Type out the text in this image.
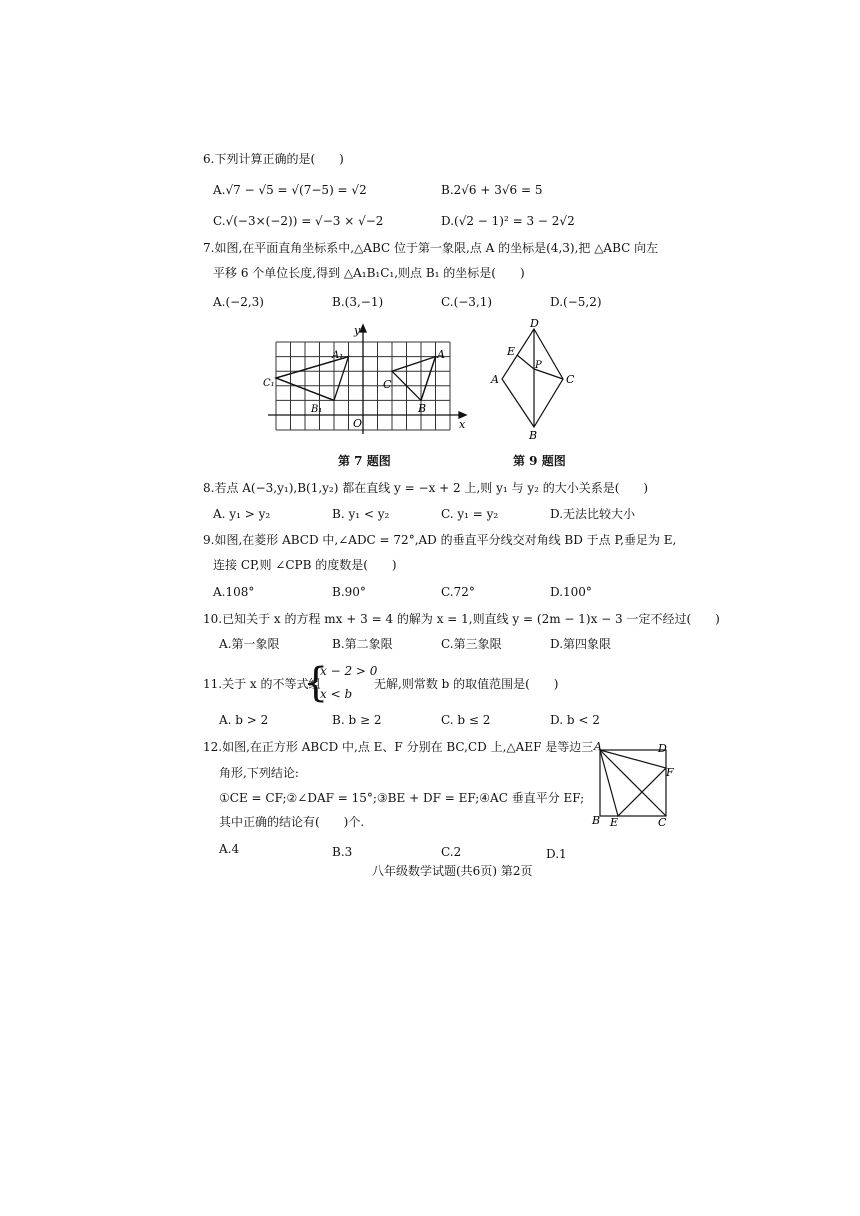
6.下列计算正确的是(　　)
A.√7 − √5 = √(7−5) = √2	B.2√6 + 3√6 = 5
C.√(−3×(−2)) = √−3 × √−2	D.(√2 − 1)² = 3 − 2√2
7.如图,在平面直角坐标系中,△ABC 位于第一象限,点 A 的坐标是(4,3),把 △ABC 向左
平移 6 个单位长度,得到 △A₁B₁C₁,则点 B₁ 的坐标是(　　)
A.(−2,3)	B.(3,−1)	C.(−3,1)	D.(−5,2)
y
x
O
A
B
C
A₁
B₁
C₁
第 7 题图
D
E
P
A	C
B
第 9 题图
8.若点 A(−3,y₁),B(1,y₂) 都在直线 y = −x + 2 上,则 y₁ 与 y₂ 的大小关系是(　　)
A. y₁ > y₂	B. y₁ < y₂	C. y₁ = y₂	D.无法比较大小
9.如图,在菱形 ABCD 中,∠ADC = 72°,AD 的垂直平分线交对角线 BD 于点 P,垂足为 E,
连接 CP,则 ∠CPB 的度数是(　　)
A.108°	B.90°	C.72°	D.100°
10.已知关于 x 的方程 mx + 3 = 4 的解为 x = 1,则直线 y = (2m − 1)x − 3 一定不经过(　　)
A.第一象限	B.第二象限	C.第三象限	D.第四象限
11.关于 x 的不等式组
{
x − 2 > 0
x < b
无解,则常数 b 的取值范围是(　　)
A. b > 2	B. b ≥ 2	C. b ≤ 2	D. b < 2
12.如图,在正方形 ABCD 中,点 E、F 分别在 BC,CD 上,△AEF 是等边三
角形,下列结论:
①CE = CF;②∠DAF = 15°;③BE + DF = EF;④AC 垂直平分 EF;
其中正确的结论有(　　)个.
A.4	B.3	C.2	D.1
A	D
F
B E	C
八年级数学试题(共6页) 第2页
